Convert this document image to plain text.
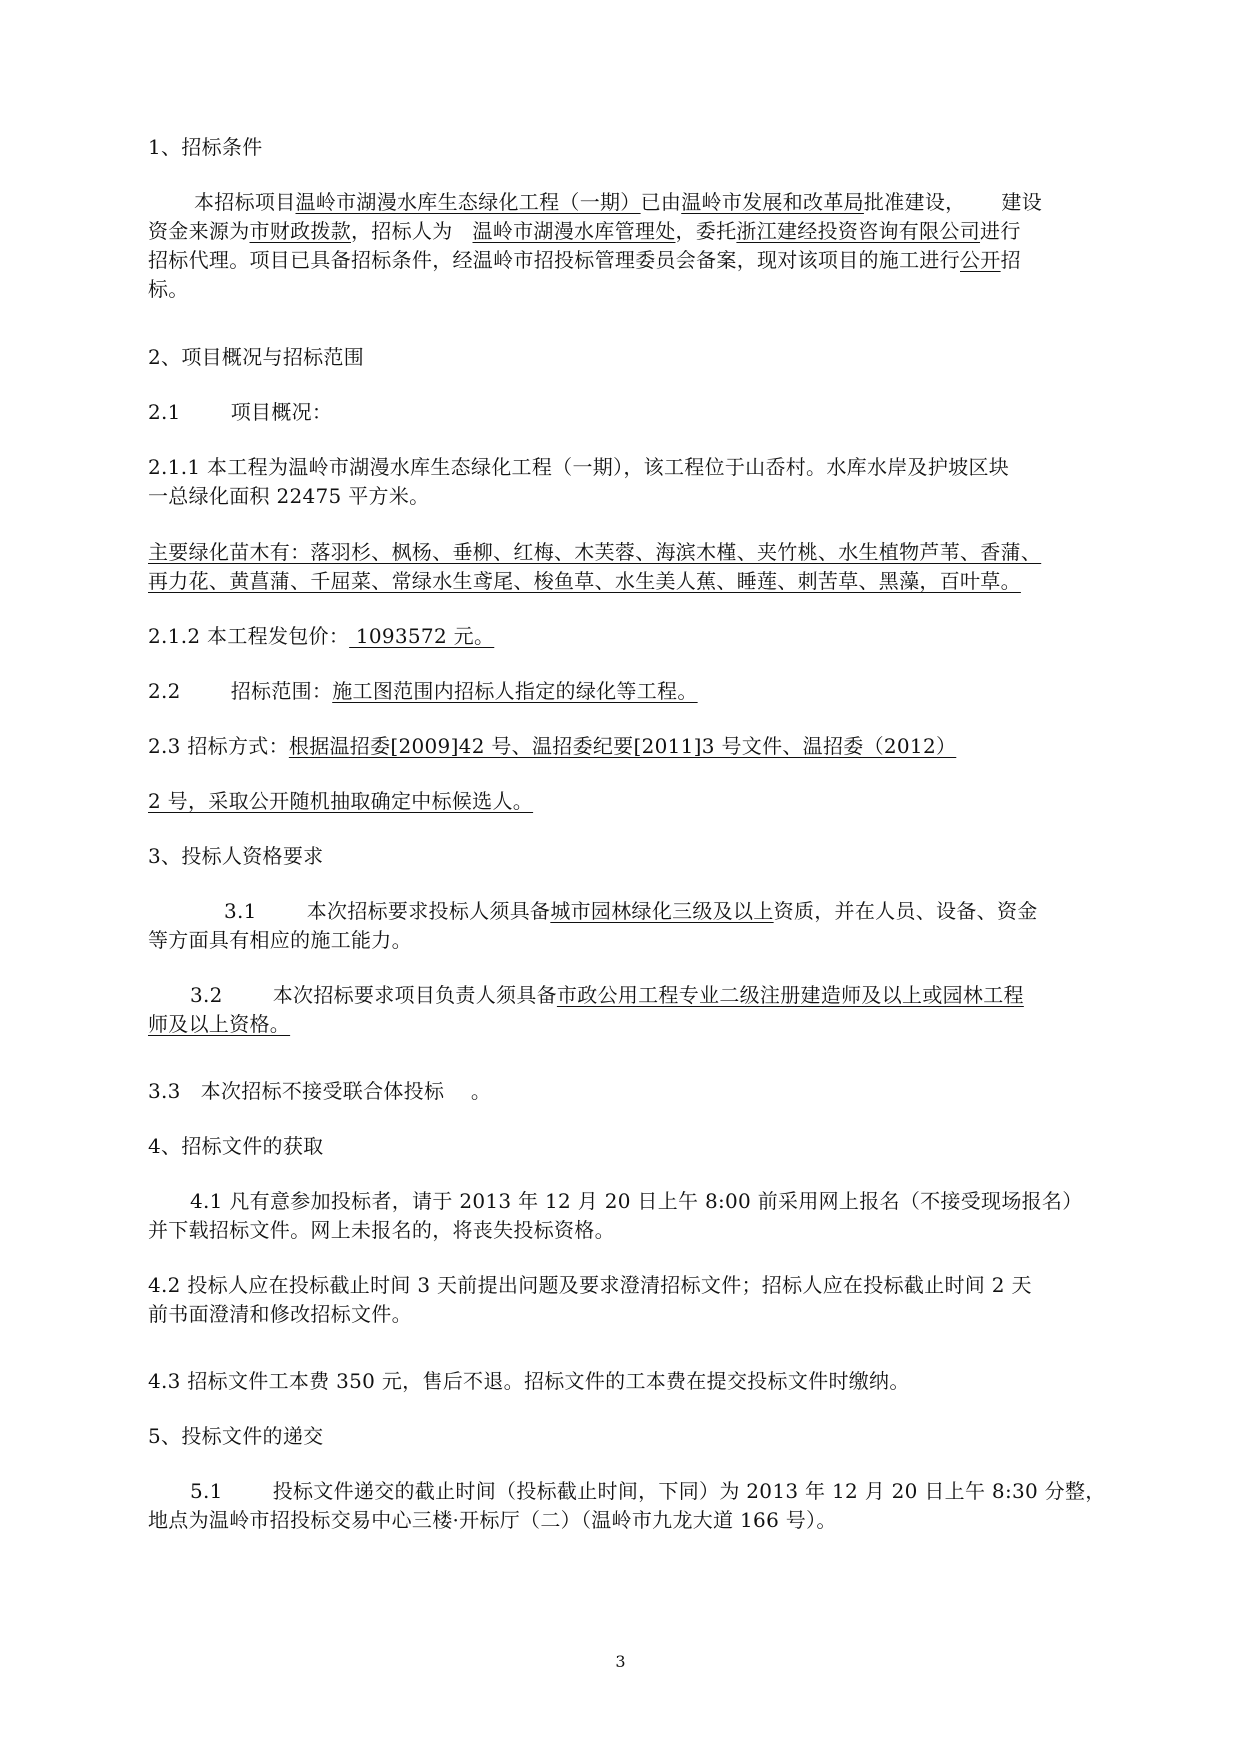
1、招标条件
本招标项目温岭市湖漫水库生态绿化工程（一期）已由温岭市发展和改革局批准建设， 建设
资金来源为市财政拨款，招标人为 温岭市湖漫水库管理处，委托浙江建经投资咨询有限公司进行
招标代理。项目已具备招标条件，经温岭市招投标管理委员会备案，现对该项目的施工进行公开招
标。
2、项目概况与招标范围
2.1	项目概况：
2.1.1 本工程为温岭市湖漫水库生态绿化工程（一期），该工程位于山岙村。水库水岸及护坡区块
一总绿化面积 22475 平方米。
主要绿化苗木有：落羽杉、枫杨、垂柳、红梅、木芙蓉、海滨木槿、夹竹桃、水生植物芦苇、香蒲、
再力花、黄菖蒲、千屈菜、常绿水生鸢尾、梭鱼草、水生美人蕉、睡莲、刺苦草、黑藻，百叶草。
2.1.2 本工程发包价： 1093572 元。
2.2	招标范围：施工图范围内招标人指定的绿化等工程。
2.3 招标方式：根据温招委[2009]42 号、温招委纪要[2011]3 号文件、温招委（2012）
2 号，采取公开随机抽取确定中标候选人。
3、投标人资格要求
3.1	本次招标要求投标人须具备城市园林绿化三级及以上资质，并在人员、设备、资金
等方面具有相应的施工能力。
3.2	本次招标要求项目负责人须具备市政公用工程专业二级注册建造师及以上或园林工程
师及以上资格。
3.3   本次招标不接受联合体投标    。
4、招标文件的获取
4.1 凡有意参加投标者，请于 2013 年 12 月 20 日上午 8:00 前采用网上报名（不接受现场报名）
并下载招标文件。网上未报名的，将丧失投标资格。
4.2 投标人应在投标截止时间 3 天前提出问题及要求澄清招标文件；招标人应在投标截止时间 2 天
前书面澄清和修改招标文件。
4.3 招标文件工本费 350 元，售后不退。招标文件的工本费在提交投标文件时缴纳。
5、投标文件的递交
5.1	投标文件递交的截止时间（投标截止时间，下同）为 2013 年 12 月 20 日上午 8:30 分整，
地点为温岭市招投标交易中心三楼·开标厅（二）（温岭市九龙大道 166 号）。
3
